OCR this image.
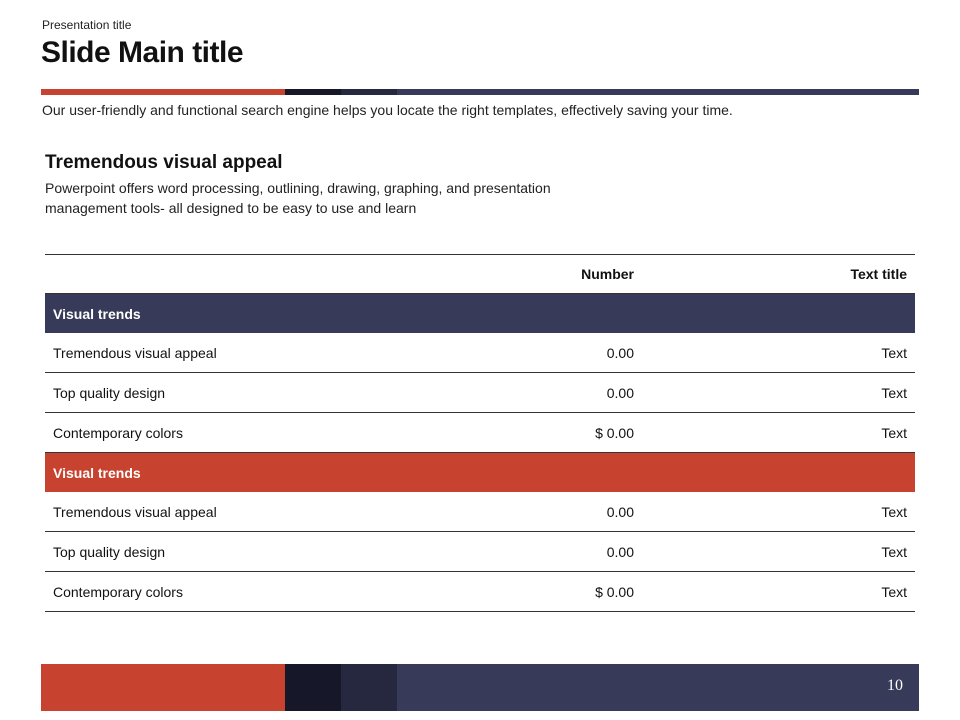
Presentation title
Slide Main title
Our user-friendly and functional search engine helps you locate the right templates, effectively saving your time.
Tremendous visual appeal
Powerpoint offers word processing, outlining, drawing, graphing, and presentation management tools- all designed to be easy to use and learn
	Number	Text title
Visual trends		
Tremendous visual appeal	0.00	Text
Top quality design	0.00	Text
Contemporary colors	$ 0.00	Text
Visual trends		
Tremendous visual appeal	0.00	Text
Top quality design	0.00	Text
Contemporary colors	$ 0.00	Text
10
